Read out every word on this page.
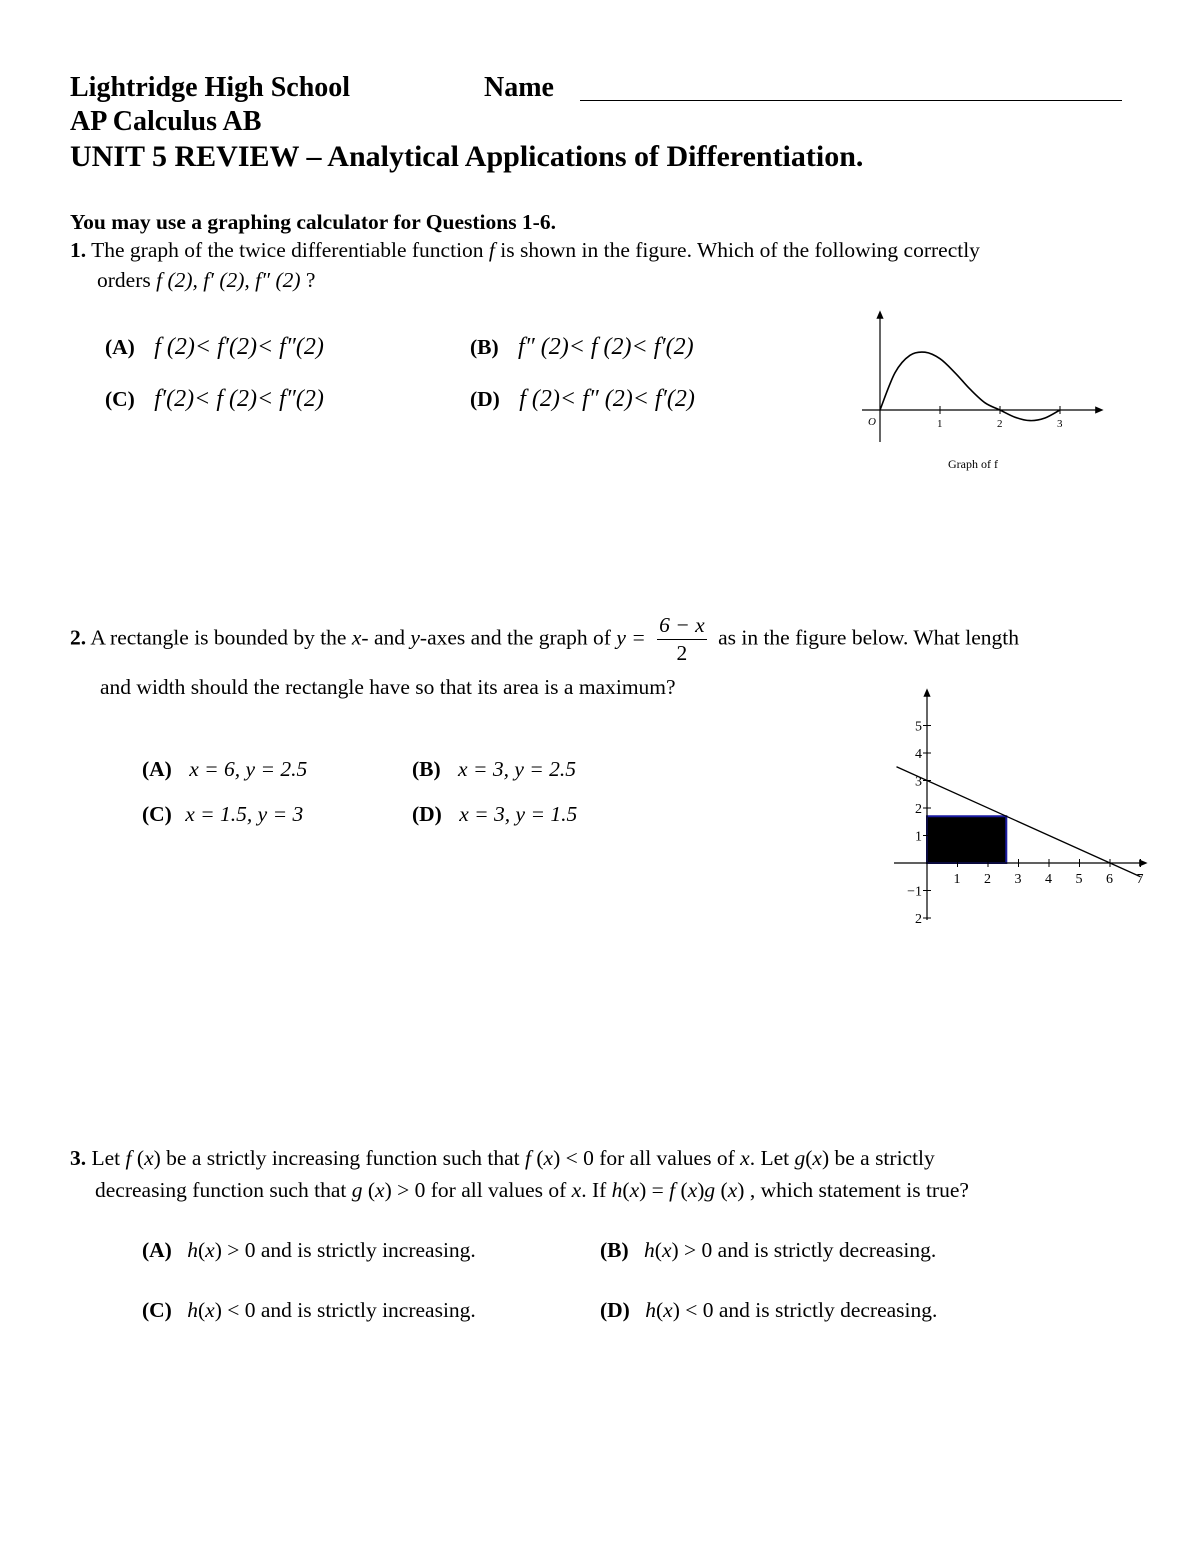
Lightridge High School	Name
AP Calculus AB
UNIT 5 REVIEW – Analytical Applications of Differentiation.
You may use a graphing calculator for Questions 1-6.
1. The graph of the twice differentiable function f is shown in the figure. Which of the following correctly
orders f (2), f′ (2), f″ (2) ?
(A) f (2)< f′(2)< f″(2)	(B) f″ (2)< f (2)< f′(2)
(C) f′(2)< f (2)< f″(2)	(D) f (2)< f″ (2)< f′(2)
1	2	3
O
Graph of f
2. A rectangle is bounded by the x- and y-axes and the graph of $y = \frac{6 - x}{2}$ as in the figure below. What length
and width should the rectangle have so that its area is a maximum?
(A) x = 6, y = 2.5	(B) x = 3, y = 2.5
(C) x = 1.5, y = 3	(D) x = 3, y = 1.5
1 2 3 4 5 6 7
5
4
3
2
1
−1
2
3. Let f (x) be a strictly increasing function such that f (x) < 0 for all values of x. Let g(x) be a strictly
decreasing function such that g (x) > 0 for all values of x. If h(x) = f (x)g (x) , which statement is true?
(A) h(x) > 0 and is strictly increasing.	(B) h(x) > 0 and is strictly decreasing.
(C) h(x) < 0 and is strictly increasing.	(D) h(x) < 0 and is strictly decreasing.
